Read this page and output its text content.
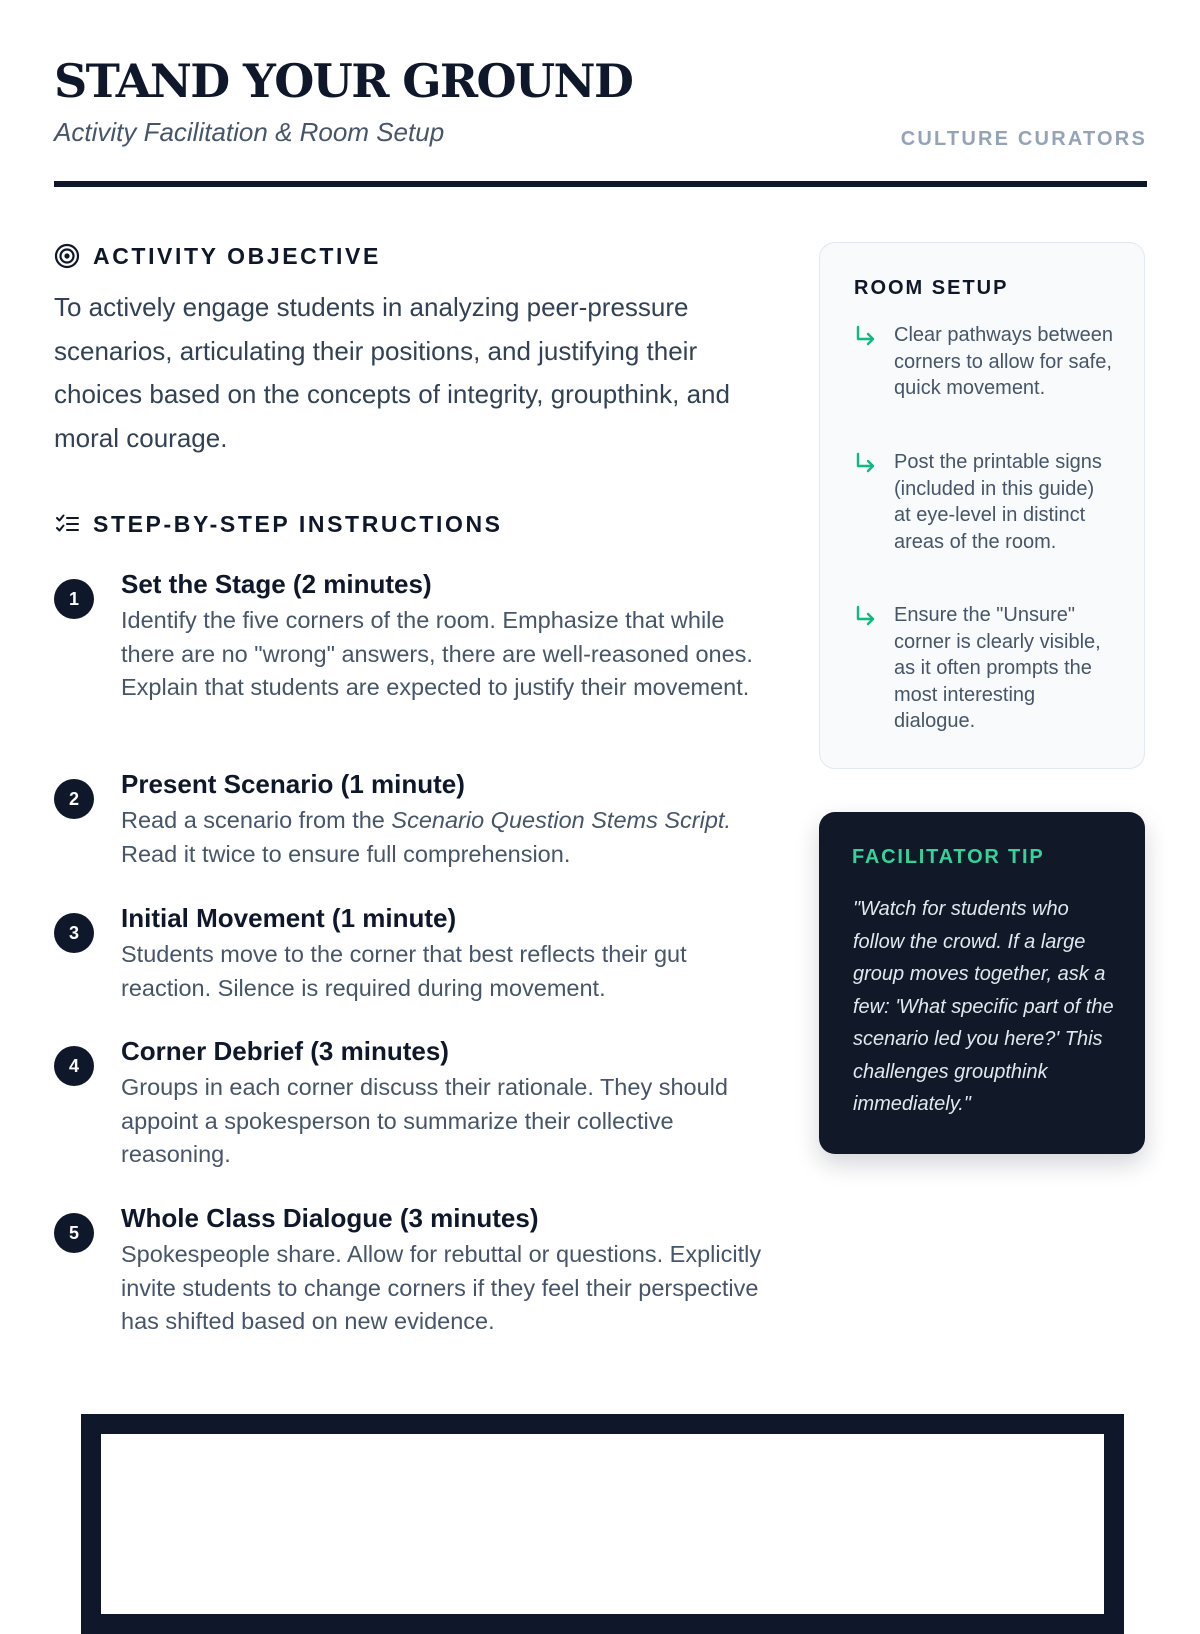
STAND YOUR GROUND
Activity Facilitation & Room Setup	CULTURE CURATORS
ACTIVITY OBJECTIVE

To actively engage students in analyzing peer-pressure scenarios, articulating their positions, and justifying their choices based on the concepts of integrity, groupthink, and moral courage.

STEP-BY-STEP INSTRUCTIONS
1	Set the Stage (2 minutes)
Identify the five corners of the room. Emphasize that while there are no "wrong" answers, there are well-reasoned ones. Explain that students are expected to justify their movement.
2	Present Scenario (1 minute)
Read a scenario from the Scenario Question Stems Script. Read it twice to ensure full comprehension.
3	Initial Movement (1 minute)
Students move to the corner that best reflects their gut reaction. Silence is required during movement.
4	Corner Debrief (3 minutes)
Groups in each corner discuss their rationale. They should appoint a spokesperson to summarize their collective reasoning.
5	Whole Class Dialogue (3 minutes)
Spokespeople share. Allow for rebuttal or questions. Explicitly invite students to change corners if they feel their perspective has shifted based on new evidence.
ROOM SETUP
Clear pathways between corners to allow for safe, quick movement.
Post the printable signs (included in this guide) at eye-level in distinct areas of the room.
Ensure the "Unsure" corner is clearly visible, as it often prompts the most interesting dialogue.
FACILITATOR TIP
"Watch for students who follow the crowd. If a large group moves together, ask a few: 'What specific part of the scenario led you here?' This challenges groupthink immediately."
